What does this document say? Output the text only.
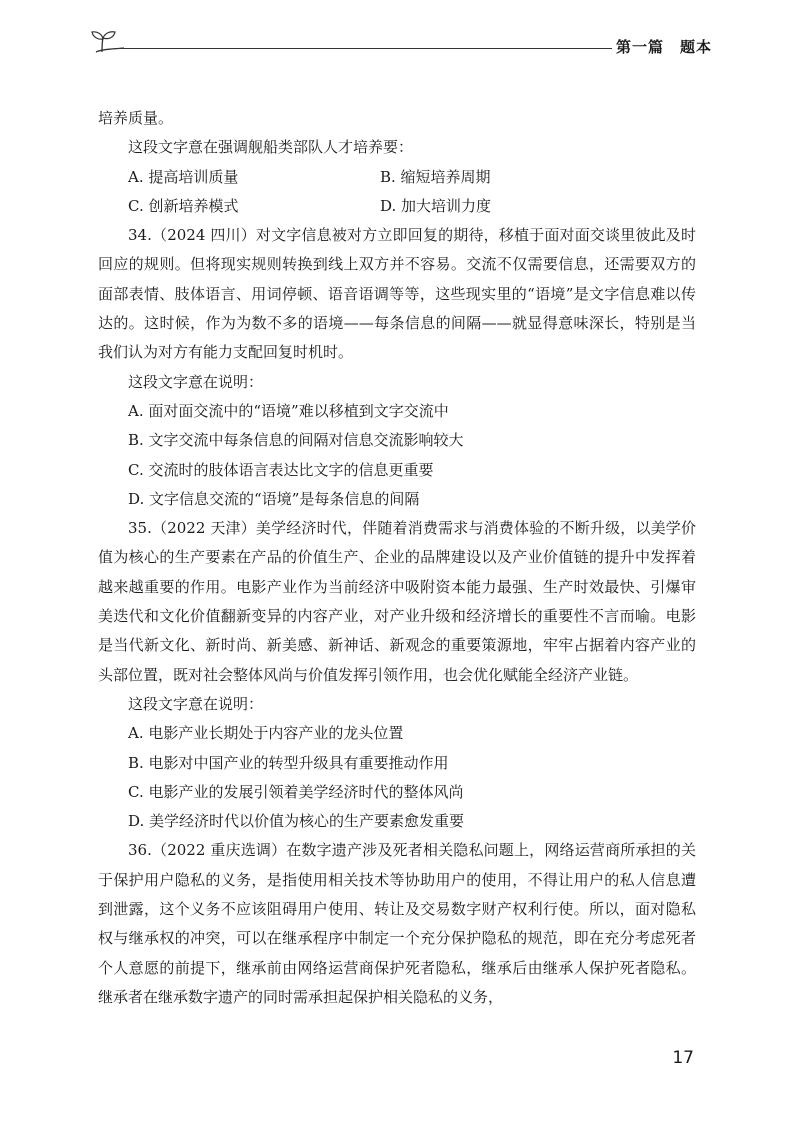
第一篇　题本

培养质量。

这段文字意在强调舰船类部队人才培养要：

A. 提高培训质量	B. 缩短培养周期
C. 创新培养模式	D. 加大培训力度

34.（2024 四川）对文字信息被对方立即回复的期待，移植于面对面交谈里彼此及时回应的规则。但将现实规则转换到线上双方并不容易。交流不仅需要信息，还需要双方的面部表情、肢体语言、用词停顿、语音语调等等，这些现实里的“语境”是文字信息难以传达的。这时候，作为为数不多的语境——每条信息的间隔——就显得意味深长，特别是当我们认为对方有能力支配回复时机时。

这段文字意在说明：

A. 面对面交流中的“语境”难以移植到文字交流中

B. 文字交流中每条信息的间隔对信息交流影响较大

C. 交流时的肢体语言表达比文字的信息更重要

D. 文字信息交流的“语境”是每条信息的间隔

35.（2022 天津）美学经济时代，伴随着消费需求与消费体验的不断升级，以美学价值为核心的生产要素在产品的价值生产、企业的品牌建设以及产业价值链的提升中发挥着越来越重要的作用。电影产业作为当前经济中吸附资本能力最强、生产时效最快、引爆审美迭代和文化价值翻新变异的内容产业，对产业升级和经济增长的重要性不言而喻。电影是当代新文化、新时尚、新美感、新神话、新观念的重要策源地，牢牢占据着内容产业的头部位置，既对社会整体风尚与价值发挥引领作用，也会优化赋能全经济产业链。

这段文字意在说明：

A. 电影产业长期处于内容产业的龙头位置

B. 电影对中国产业的转型升级具有重要推动作用

C. 电影产业的发展引领着美学经济时代的整体风尚

D. 美学经济时代以价值为核心的生产要素愈发重要

36.（2022 重庆选调）在数字遗产涉及死者相关隐私问题上，网络运营商所承担的关于保护用户隐私的义务，是指使用相关技术等协助用户的使用，不得让用户的私人信息遭到泄露，这个义务不应该阻碍用户使用、转让及交易数字财产权利行使。所以，面对隐私权与继承权的冲突，可以在继承程序中制定一个充分保护隐私的规范，即在充分考虑死者个人意愿的前提下，继承前由网络运营商保护死者隐私，继承后由继承人保护死者隐私。继承者在继承数字遗产的同时需承担起保护相关隐私的义务，

17
